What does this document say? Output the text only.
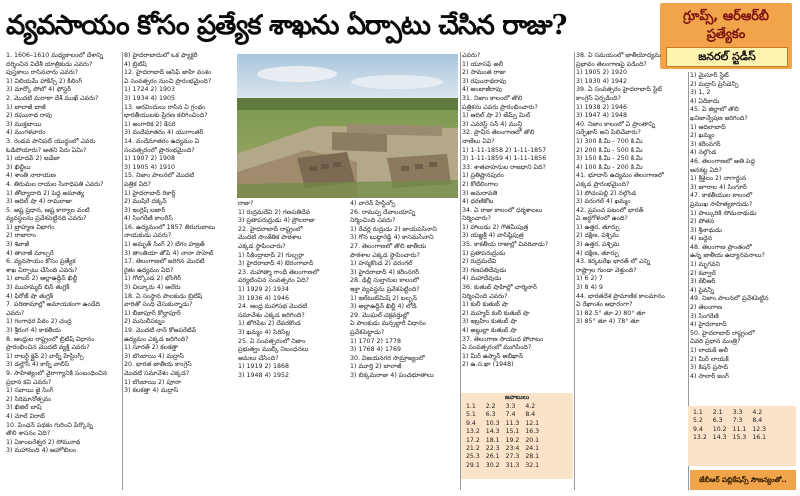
వ్యవసాయం కోసం ప్రత్యేక శాఖను ఏర్పాటు చేసిన రాజు?	గ్రూప్స్, ఆర్ఆర్‌బీ
ప్రత్యేకం
జనరల్ స్టడీస్

1. 1606–1610 మధ్యకాలంలో దేశాన్ని

దర్శించిన విదేశీ యాత్రికుడు ఎవరు?

పుస్తకాలు రాసినవారు ఎవరు?

1) విలియమ్ హాకిన్స్ 2) కీలింగ్

3) మార్కో పోలో 4) ఫోస్టర్

2. మొదటి మరాఠా దేశ్ ముఖ్ ఎవరు?

1) బాలాజీ బాజీ

2) రఘునాథ రావు

3) ముక్తబాయి

4) మంగళవారం

3. రెండవ పానిపట్ యుద్ధంలో ఎవరు

ఓడిపోయారు? అతని పేరు ఏమి?

1) యాదవ్ 2) జడేజా

3) ఖిల్జీలు

4) శాంతి నారాయణ

4. తిరుమల రాయల సేనాధిపతి ఎవరు?

1) తోట్యాదాది 2) పెద్ద అమాత్య

3) ఆదిల్ షా 4) రామరాజు

5. అష్ట ప్రధాన, ఆష్ట కార్యాల వంటి

వ్యవస్థలను ప్రవేశపెట్టినది ఎవరు?

1) బ్రాహ్మణ విభాగం

2) రాజారాం

3) శివాజీ

4) తానాజీ మాల్సరే

6. వ్యవసాయం కోసం ప్రత్యేక

శాఖ ఏర్పాటు చేసింది ఎవరు?

1) బాబర్ 2) అల్లాఉద్దీన్ ఖిల్జీ

3) ముహమ్మద్ బిన్ తుగ్లక్

4) ఫిరోజ్ షా తుగ్లక్

7. పరిణామాల్లో అమాయకంగా ఉండేది

ఎవరు?

1) గంగాధర పీఠం 2) చంద్ర

3) శ్రీరంగ 4) కాకతీయ

8. ఆంధ్రుల రాష్ట్రంలో బ్రిటిష్ విధానం

ప్రారంభించిన మొదటి వ్యక్తి ఎవరు?

1) రాబర్ట్ క్లైవ్ 2) వార్న్ హేస్టింగ్స్

3) డల్హౌసీ 4) కార్న్ వాలీస్

9. సాహిత్యంలో వైరాగ్యానికి సంబంధించిన

ప్రధాన కవి ఎవరు?

1) సవాయి జై సింగ్

2) సిరిమానోత్సవం

3) ఖిజిల్ బాష్

4) మోల్ విరాట్

10. పింఛన్ పథకం గురించి పేర్కొన్న

తొలి శాసనం ఏది?

1) ఏకాంబరేశ్వర 2) సోమనాథ

3) మహానంది 4) అహోబిలం

8) హైదరాబాదులో ఒక ఫ్యాక్టరీ

4) బ్రిటిష్

12. హైదరాబాద్ ఆసిఫ్ జాహీ వంశం

ఏ సంవత్సరం నుంచి ప్రారంభమైంది?

1) 1724 2) 1903

3) 1934 4) 1905

13. అరవిందులు రాసిన ఏ గ్రంథం

భారతీయులకు ప్రేరణ కలిగించింది?

1) అంగారిక 2) కేసరి

3) వందేమాతరం 4) యుగాంతర్

14. వందేమాతరం ఉద్యమం ఏ

సంవత్సరంలో ప్రారంభమైంది?

1) 1907 2) 1908

3) 1905 4) 1910

15. నిజాం పాలనలో మొదటి

పత్రిక ఏది?

1) హైదరాబాద్ రికార్డ్

2) ముషీరే దక్కన్

3) ఇంగ్లిష్ బజార్

4) సింగరేణి కాలరీస్

16. ఉద్యమంలో 1857 తిరుగుబాటు

నాయకుడు ఎవరు?

1) అమృత్ సింగ్ 2) బేగం హజ్రత్

3) తాంతియా తోపే 4) నానా సాహెబ్

17. తెలంగాణలో జరిగిన మొదటి

రైతు ఉద్యమం ఏది?

1) గోల్కొండ 2) భోంగీర్

3) చిల్కూరు 4) ఆలేరు

18. ఏ సంస్థాన పాలకుడు బ్రిటిష్

వారితో సంధి చేసుకున్నాడు?

1) బీజాపూర్ కోల్హాపూర్

2) మసులీపట్నం

19. మొదటి నాన్ కోఆపరేటివ్

ఉద్యమం ఎక్కడ జరిగింది?

1) సూరత్ 2) కలకత్తా

3) బొంబాయి 4) మద్రాస్

20. భారత జాతీయ కాంగ్రెస్

మొదటి సమావేశం ఎక్కడ?

1) బొంబాయి 2) పూనా

3) కలకత్తా 4) మద్రాస్

రాజు?

1) రుద్రమదేవి 2) గణపతిదేవ

3) ప్రతాపరుద్రుడు 4) ప్రోలరాజు

22. హైదరాబాద్ రాష్ట్రంలో

మొదటి సాంకేతిక పాఠశాల

ఎక్కడ స్థాపించారు?

1) సికింద్రాబాద్ 2) గుల్బర్గా

3) హైదరాబాద్ 4) ఔరంగాబాద్

23. మహాత్మా గాంధీ తెలంగాణలో

పర్యటించిన సంవత్సరం ఏది?

1) 1929 2) 1934

3) 1936 4) 1946

24. ఆంధ్ర మహాసభ మొదటి

సమావేశం ఎక్కడ జరిగింది?

1) జోగిపేట 2) దేవరకొండ

3) ఖమ్మం 4) సిరిసిల్ల

25. ఏ సంవత్సరంలో నిజాం

ప్రభుత్వం ముల్కీ నిబంధనలు

అమలు చేసింది?

1) 1919 2) 1868

3) 1948 4) 1952

4) వారెన్ హేస్టింగ్స్

26. రామప్ప దేవాలయాన్ని

నిర్మించింది ఎవరు?

1) రేచర్ల రుద్రుడు 2) జాయపసేనాని

3) గోన బుద్ధారెడ్డి 4) కాసమసేనాని

27. తెలంగాణలో తొలి జాతీయ

పాఠశాల ఎక్కడ స్థాపించారు?

1) హన్మకొండ 2) వరంగల్

3) హైదరాబాద్ 4) కరీంనగర్

28. ఢిల్లీ సుల్తానుల కాలంలో

ఇక్తా వ్యవస్థను ప్రవేశపెట్టింది?

1) ఇల్‌టుట్‌మిష్ 2) బల్బన్

3) అల్లాఉద్దీన్ ఖిల్జీ 4) లోడీ

29. మొఘల్ చక్రవర్తుల్లో

ఏ పాలకుడు మన్సబ్దారీ విధానం

ప్రవేశపెట్టాడు?

1) 1707 2) 1778

3) 1768 4) 1769

30. విజయనగర సామ్రాజ్యంలో

1) మూర్తి 2) బాలాజీ

3) బిక్కమరాజు 4) పంచభూతాలు

ఎవరు?

1) యూసఫ్ అలీ

2) సామంత రాజు

3) రఘునాథరావు

4) అంబాజీరావు

31. నిజాం కాలంలో తొలి

పత్రికను ఎవరు ప్రారంభించారు?

1) ఆదిల్ షా 2) జేమ్స్ మిల్

3) ఎవరెస్ట్ సన్ 4) మున్షీ

32. ప్రాచీన తెలంగాణలో తొలి

నాణేలు ఏవి?

1) 1-11-1858 2) 1-11-1857

3) 1-11-1859 4) 1-11-1856

33. శాతవాహనుల రాజధాని ఏది?

1) ప్రతిష్టానపురం

2) కోటిలింగాల

3) అమరావతి

4) ధరణికోట

34. ఏ రాజు కాలంలో ధర్మశాలలు

నిర్మించారు?

1) హాలుడు 2) గౌతమీపుత్ర

3) యజ్ఞశ్రీ 4) వాసిష్ఠీపుత్ర

35. కాకతీయ రాజుల్లో చివరివాడు?

1) ప్రతాపరుద్రుడు

2) రుద్రమదేవి

3) గణపతిదేవుడు

4) మహాదేవుడు

36. కుతుబ్ షాహీల్లో చార్మినార్

నిర్మించింది ఎవరు?

1) కులీ కుతుబ్ షా

2) మహ్మద్ కులీ కుతుబ్ షా

3) ఇబ్రహీం కుతుబ్ షా

4) అబ్దుల్లా కుతుబ్ షా

37. తెలంగాణ సాయుధ పోరాటం

ఏ సంవత్సరంలో ముగిసింది?

1) మీర్ ఉస్మాన్ అలీఖాన్

2) ఉ.స.ఖా (1948)

38. ఏ సమయంలో జాతీయోద్యమ

ప్రభావం తెలంగాణపై పడింది?

1) 1905 2) 1920

3) 1930 4) 1942

39. ఏ సంవత్సరం హైదరాబాద్ స్టేట్

కాంగ్రెస్ ఏర్పడింది?

1) 1938 2) 1946

3) 1947 4) 1948

40. నిజాం కాలంలో ఏ ప్రాంతాన్ని

సర్ఫేఖాస్ అని పిలిచేవారు?

1) 300 కి.మీ - 700 కి.మీ

2) 200 కి.మీ - 500 కి.మీ

3) 150 కి.మీ - 250 కి.మీ

4) 100 కి.మీ - 200 కి.మీ

41. భూదాన్ ఉద్యమం తెలంగాణలో

ఎక్కడ ప్రారంభమైంది?

1) పోచంపల్లి 2) నల్గొండ

3) వరంగల్ 4) ఖమ్మం

42. ప్రపంచ పటంలో భారత్

ఏ అర్ధగోళంలో ఉంది?

1) ఉత్తర, తూర్పు

2) దక్షిణ, పశ్చిమ

3) ఉత్తర, పశ్చిమ

4) దక్షిణ, తూర్పు

43. కర్కటరేఖ భారత్ లో ఎన్ని

రాష్ట్రాల గుండా వెళ్తుంది?

1) 6 2) 7

3) 8 4) 9

44. భారతదేశ ప్రామాణిక కాలమానం

ఏ రేఖాంశం ఆధారంగా?

1) 82.5° తూ 2) 80° తూ

3) 85° తూ 4) 78° తూ

1) మైసూర్ స్టేట్

2) మద్రాస్ ప్రెసిడెన్సీ

3) 1, 2

4) ఏదీకాదు

45. ఏ జిల్లాలో తొలి

ఖనిజాన్వేషణ జరిగింది?

1) ఆదిలాబాద్

2) ఖమ్మం

3) కరీంనగర్

4) నల్గొండ

46. తెలంగాణలో అతి పెద్ద

ఆనకట్ట ఏది?

1) శ్రీశైలం 2) నాగార్జున

3) జూరాల 4) సింగూర్

47. కాకతీయుల కాలంలో

ప్రముఖ సాహిత్యకారుడు?

1) పాల్కురికి సోమనాథుడు

2) పోతన

3) శ్రీనాథుడు

4) బద్దెన

48. తెలంగాణ ప్రాంతంలో

ఉన్న జాతీయ ఉద్యానవనాలు?

1) మృగవని

2) కవ్వాల్

3) కేబీఆర్

4) పైవన్నీ

49. నిజాం పాలనలో ప్రవేశపెట్టిన

2) తెలంగాణ

3) సింగరేణి

4) హైదరాబాద్

50. హైదరాబాద్ రాష్ట్రంలో

చివరి ప్రధాన మంత్రి?

1) లాయక్ అలీ

2) మీర్ లాయక్

3) కిషన్ ప్రసాద్

4) సాలార్ జంగ్

జవాబులు
1.1	2.2	3.3	4.2
5.1	6.3	7.4	8.4
9.4	10.3	11.3	12.1
13.2	14.3	15.1	16.3
17.2	18.1	19.2	20.1
21.2	22.3	23.4	24.1
25.3	26.1	27.3	28.1
29.1	30.2	31.3	32.1
1.1	2.1	3.3	4.2
5.2	6.3	7.3	8.4
9.4	10.2	11.1	12.3
13.2	14.3	15.3	16.1
జేబీఆర్ పబ్లికేషన్స్ సౌజన్యంతో..
